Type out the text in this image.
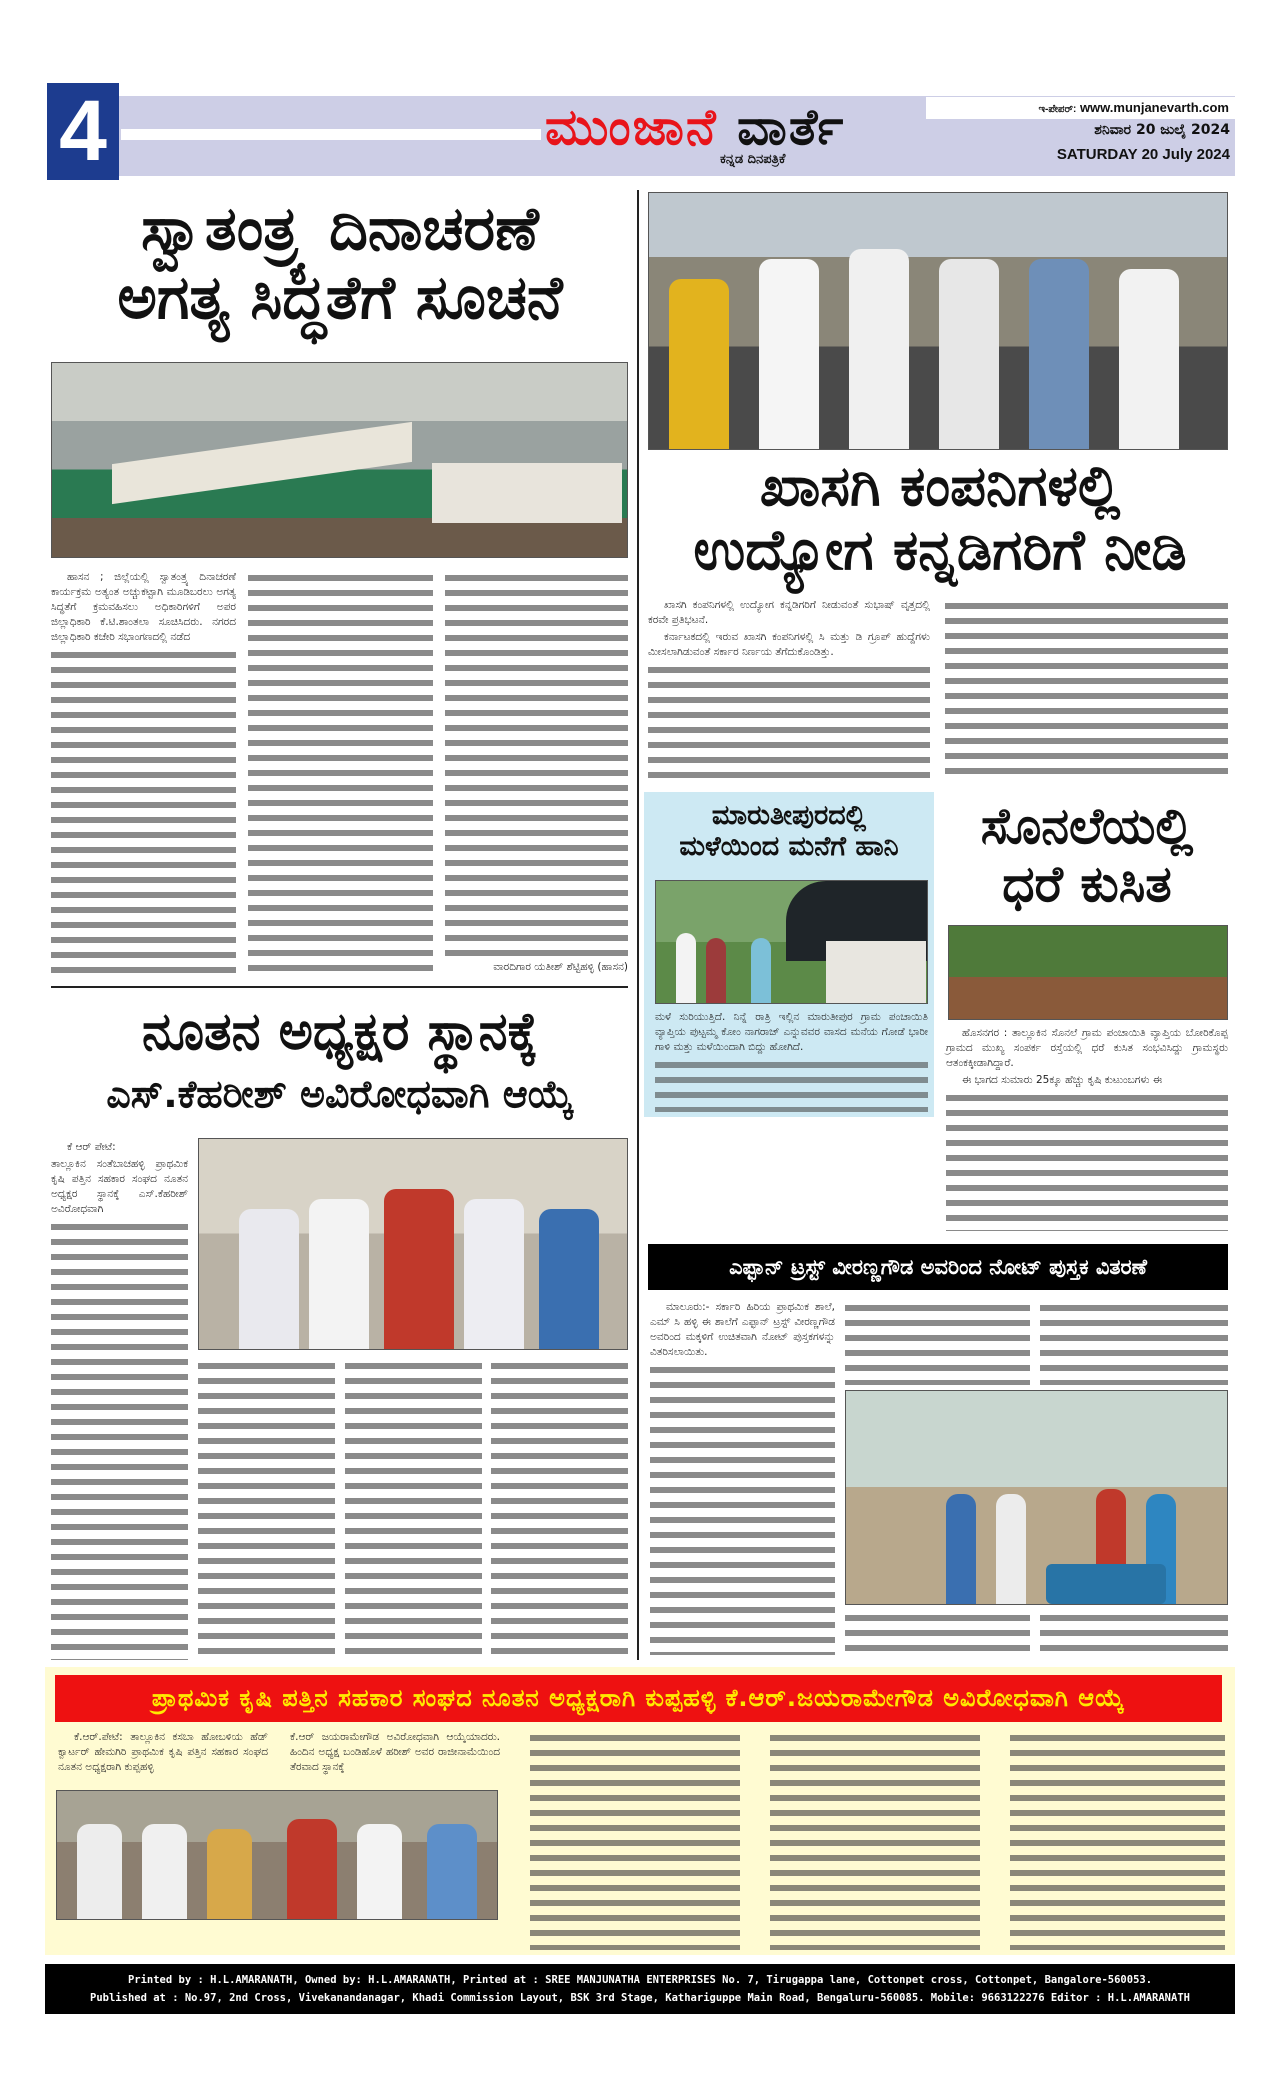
4	ಮುಂಜಾನೆ ವಾರ್ತೆ
ಕನ್ನಡ ದಿನಪತ್ರಿಕೆ
ಇ-ಪೇಪರ್: www.munjanevarth.com
ಶನಿವಾರ 20 ಜುಲೈ 2024
SATURDAY 20 July 2024
ಸ್ವಾತಂತ್ರ್ಯ ದಿನಾಚರಣೆ
ಅಗತ್ಯ ಸಿದ್ಧತೆಗೆ ಸೂಚನೆ

ಹಾಸನ ; ಜಿಲ್ಲೆಯಲ್ಲಿ ಸ್ವಾತಂತ್ರ್ಯ ದಿನಾಚರಣೆ ಕಾರ್ಯಕ್ರಮ ಅತ್ಯಂತ ಅಚ್ಚುಕಟ್ಟಾಗಿ ಮೂಡಿಬರಲು ಅಗತ್ಯ ಸಿದ್ಧತೆಗೆ ಕ್ರಮವಹಿಸಲು ಅಧಿಕಾರಿಗಳಿಗೆ ಅಪರ ಜಿಲ್ಲಾಧಿಕಾರಿ ಕೆ.ಟಿ.ಶಾಂತಲಾ ಸೂಚಿಸಿದರು. ನಗರದ ಜಿಲ್ಲಾಧಿಕಾರಿ ಕಚೇರಿ ಸಭಾಂಗಣದಲ್ಲಿ ನಡೆದ

ವಾರದಿಗಾರ ಯತೀಶ್ ಶೆಟ್ಟಿಹಳ್ಳಿ (ಹಾಸನ)
ನೂತನ ಅಧ್ಯಕ್ಷರ ಸ್ಥಾನಕ್ಕೆ
ಎಸ್.ಕೆಹರೀಶ್ ಅವಿರೋಧವಾಗಿ ಆಯ್ಕೆ

ಕೆ ಆರ್ ಪೇಟೆ:

ತಾಲ್ಲೂಕಿನ ಸಂತೆಬಾಚಹಳ್ಳಿ ಪ್ರಾಥಮಿಕ ಕೃಷಿ ಪತ್ತಿನ ಸಹಕಾರ ಸಂಘದ ನೂತನ ಅಧ್ಯಕ್ಷರ ಸ್ಥಾನಕ್ಕೆ ಎಸ್.ಕೆಹರೀಶ್ ಅವಿರೋಧವಾಗಿ

ಖಾಸಗಿ ಕಂಪನಿಗಳಲ್ಲಿ
ಉದ್ಯೋಗ ಕನ್ನಡಿಗರಿಗೆ ನೀಡಿ

ಖಾಸಗಿ ಕಂಪನಿಗಳಲ್ಲಿ ಉದ್ಯೋಗ ಕನ್ನಡಿಗರಿಗೆ ನೀಡುವಂತೆ ಸುಭಾಷ್ ವೃತ್ತದಲ್ಲಿ ಕರವೇ ಪ್ರತಿಭಟನೆ.

ಕರ್ನಾಟಕದಲ್ಲಿ ಇರುವ ಖಾಸಗಿ ಕಂಪನಿಗಳಲ್ಲಿ ಸಿ ಮತ್ತು ಡಿ ಗ್ರೂಪ್ ಹುದ್ದೆಗಳು ಮೀಸಲಾಗಿಡುವಂತೆ ಸರ್ಕಾರ ನಿರ್ಣಯ ತೆಗೆದುಕೊಂಡಿತ್ತು.

ಮಾರುತೀಪುರದಲ್ಲಿ
ಮಳೆಯಿಂದ ಮನೆಗೆ ಹಾನಿ

ಮಳೆ ಸುರಿಯುತ್ತಿದೆ. ನಿನ್ನೆ ರಾತ್ರಿ ಇಲ್ಲಿನ ಮಾರುತೀಪುರ ಗ್ರಾಮ ಪಂಚಾಯಿತಿ ವ್ಯಾಪ್ತಿಯ ಪುಟ್ಟಮ್ಮ ಕೋಂ ನಾಗರಾಜ್ ಎನ್ನುವವರ ವಾಸದ ಮನೆಯ ಗೋಡೆ ಭಾರೀ ಗಾಳಿ ಮತ್ತು ಮಳೆಯಿಂದಾಗಿ ಬಿದ್ದು ಹೋಗಿದೆ.

ಸೊನಲೆಯಲ್ಲಿ
ಧರೆ ಕುಸಿತ

ಹೊಸನಗರ : ತಾಲ್ಲೂಕಿನ ಸೊನಲೆ ಗ್ರಾಮ ಪಂಚಾಯಿತಿ ವ್ಯಾಪ್ತಿಯ ಬೋರಿಕೊಪ್ಪ ಗ್ರಾಮದ ಮುಖ್ಯ ಸಂಪರ್ಕ ರಸ್ತೆಯಲ್ಲಿ ಧರೆ ಕುಸಿತ ಸಂಭವಿಸಿದ್ದು ಗ್ರಾಮಸ್ಥರು ಆತಂಕಕ್ಕೀಡಾಗಿದ್ದಾರೆ.

ಈ ಭಾಗದ ಸುಮಾರು 25ಕ್ಕೂ ಹೆಚ್ಚು ಕೃಷಿ ಕುಟುಂಬಗಳು ಈ

ಎಫ್ಫಾನ್ ಟ್ರಸ್ಟ್ ವೀರಣ್ಣಗೌಡ ಅವರಿಂದ ನೋಟ್ ಪುಸ್ತಕ ವಿತರಣೆ

ಮಾಲೂರು:- ಸರ್ಕಾರಿ ಹಿರಿಯ ಪ್ರಾಥಮಿಕ ಶಾಲೆ, ಎಮ್ ಸಿ ಹಳ್ಳಿ ಈ ಶಾಲೆಗೆ ಎಫ್ಫಾನ್ ಟ್ರಸ್ಟ್ ವೀರಣ್ಣಗೌಡ ಅವರಿಂದ ಮಕ್ಕಳಿಗೆ ಉಚಿತವಾಗಿ ನೋಟ್ ಪುಸ್ತಕಗಳನ್ನು ವಿತರಿಸಲಾಯಿತು.

ಪ್ರಾಥಮಿಕ ಕೃಷಿ ಪತ್ತಿನ ಸಹಕಾರ ಸಂಘದ ನೂತನ ಅಧ್ಯಕ್ಷರಾಗಿ ಕುಪ್ಪಹಳ್ಳಿ ಕೆ.ಆರ್.ಜಯರಾಮೇಗೌಡ ಅವಿರೋಧವಾಗಿ ಆಯ್ಕೆ

ಕೆ.ಆರ್.ಪೇಟೆ: ತಾಲ್ಲೂಕಿನ ಕಸಬಾ ಹೋಬಳಿಯ ಹೆಡ್ ಕ್ವಾರ್ಟರ್ ಹೇಮಗಿರಿ ಪ್ರಾಥಮಿಕ ಕೃಷಿ ಪತ್ತಿನ ಸಹಕಾರ ಸಂಘದ ನೂತನ ಅಧ್ಯಕ್ಷರಾಗಿ ಕುಪ್ಪಹಳ್ಳಿ

ಕೆ.ಆರ್ ಜಯರಾಮೇಗೌಡ ಅವಿರೋಧವಾಗಿ ಆಯ್ಕೆಯಾದರು. ಹಿಂದಿನ ಅಧ್ಯಕ್ಷ ಬಂಡಿಹೊಳೆ ಹರೀಶ್ ಅವರ ರಾಜೀನಾಮೆಯಿಂದ ತೆರವಾದ ಸ್ಥಾನಕ್ಕೆ

Printed by : H.L.AMARANATH, Owned by: H.L.AMARANATH, Printed at : SREE MANJUNATHA ENTERPRISES No. 7, Tirugappa lane, Cottonpet cross, Cottonpet, Bangalore-560053.
Published at : No.97, 2nd Cross, Vivekanandanagar, Khadi Commission Layout, BSK 3rd Stage, Kathariguppe Main Road, Bengaluru-560085. Mobile: 9663122276 Editor : H.L.AMARANATH
